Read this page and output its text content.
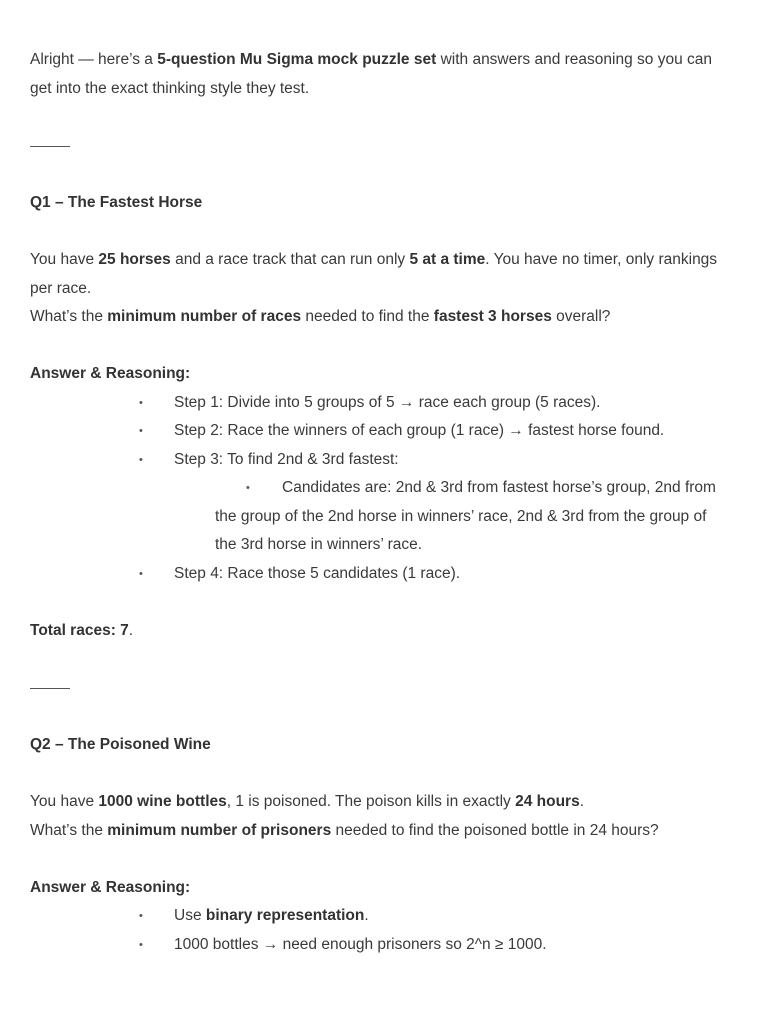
Alright — here’s a 5-question Mu Sigma mock puzzle set with answers and reasoning so you can get into the exact thinking style they test.

Q1 – The Fastest Horse

You have 25 horses and a race track that can run only 5 at a time. You have no timer, only rankings per race.

What’s the minimum number of races needed to find the fastest 3 horses overall?

Answer & Reasoning:

• Step 1: Divide into 5 groups of 5 → race each group (5 races).
• Step 2: Race the winners of each group (1 race) → fastest horse found.
• Step 3: To find 2nd & 3rd fastest:
• Candidates are: 2nd & 3rd from fastest horse’s group, 2nd from the group of the 2nd horse in winners’ race, 2nd & 3rd from the group of the 3rd horse in winners’ race.
• Step 4: Race those 5 candidates (1 race).

Total races: 7.

Q2 – The Poisoned Wine

You have 1000 wine bottles, 1 is poisoned. The poison kills in exactly 24 hours.

What’s the minimum number of prisoners needed to find the poisoned bottle in 24 hours?

Answer & Reasoning:

• Use binary representation.
• 1000 bottles → need enough prisoners so 2^n ≥ 1000.
